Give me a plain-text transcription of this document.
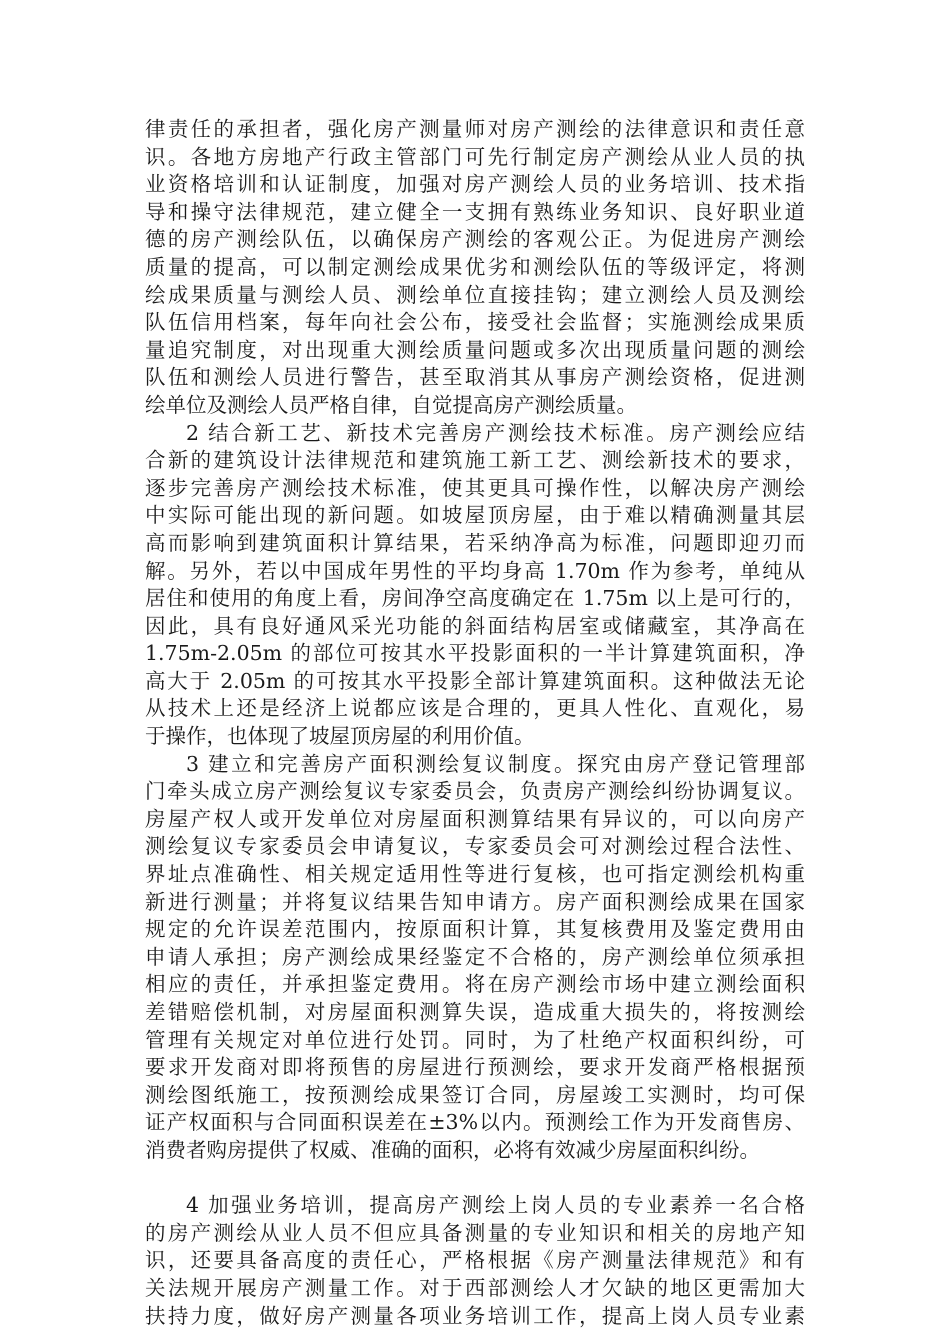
律责任的承担者，强化房产测量师对房产测绘的法律意识和责任意
识。各地方房地产行政主管部门可先行制定房产测绘从业人员的执
业资格培训和认证制度，加强对房产测绘人员的业务培训、技术指
导和操守法律规范，建立健全一支拥有熟练业务知识、良好职业道
德的房产测绘队伍，以确保房产测绘的客观公正。为促进房产测绘
质量的提高，可以制定测绘成果优劣和测绘队伍的等级评定，将测
绘成果质量与测绘人员、测绘单位直接挂钩；建立测绘人员及测绘
队伍信用档案，每年向社会公布，接受社会监督；实施测绘成果质
量追究制度，对出现重大测绘质量问题或多次出现质量问题的测绘
队伍和测绘人员进行警告，甚至取消其从事房产测绘资格，促进测
绘单位及测绘人员严格自律，自觉提高房产测绘质量。
2 结合新工艺、新技术完善房产测绘技术标准。房产测绘应结
合新的建筑设计法律规范和建筑施工新工艺、测绘新技术的要求，
逐步完善房产测绘技术标准，使其更具可操作性，以解决房产测绘
中实际可能出现的新问题。如坡屋顶房屋，由于难以精确测量其层
高而影响到建筑面积计算结果，若采纳净高为标准，问题即迎刃而
解。另外，若以中国成年男性的平均身高 1.70m 作为参考，单纯从
居住和使用的角度上看，房间净空高度确定在 1.75m 以上是可行的，
因此，具有良好通风采光功能的斜面结构居室或储藏室，其净高在
1.75m-2.05m 的部位可按其水平投影面积的一半计算建筑面积，净
高大于 2.05m 的可按其水平投影全部计算建筑面积。这种做法无论
从技术上还是经济上说都应该是合理的，更具人性化、直观化，易
于操作，也体现了坡屋顶房屋的利用价值。
3 建立和完善房产面积测绘复议制度。探究由房产登记管理部
门牵头成立房产测绘复议专家委员会，负责房产测绘纠纷协调复议。
房屋产权人或开发单位对房屋面积测算结果有异议的，可以向房产
测绘复议专家委员会申请复议，专家委员会可对测绘过程合法性、
界址点准确性、相关规定适用性等进行复核，也可指定测绘机构重
新进行测量；并将复议结果告知申请方。房产面积测绘成果在国家
规定的允许误差范围内，按原面积计算，其复核费用及鉴定费用由
申请人承担；房产测绘成果经鉴定不合格的，房产测绘单位须承担
相应的责任，并承担鉴定费用。将在房产测绘市场中建立测绘面积
差错赔偿机制，对房屋面积测算失误，造成重大损失的，将按测绘
管理有关规定对单位进行处罚。同时，为了杜绝产权面积纠纷，可
要求开发商对即将预售的房屋进行预测绘，要求开发商严格根据预
测绘图纸施工，按预测绘成果签订合同，房屋竣工实测时，均可保
证产权面积与合同面积误差在±3%以内。预测绘工作为开发商售房、
消费者购房提供了权威、准确的面积，必将有效减少房屋面积纠纷。
4 加强业务培训，提高房产测绘上岗人员的专业素养一名合格
的房产测绘从业人员不但应具备测量的专业知识和相关的房地产知
识，还要具备高度的责任心，严格根据《房产测量法律规范》和有
关法规开展房产测量工作。对于西部测绘人才欠缺的地区更需加大
扶持力度，做好房产测量各项业务培训工作，提高上岗人员专业素
